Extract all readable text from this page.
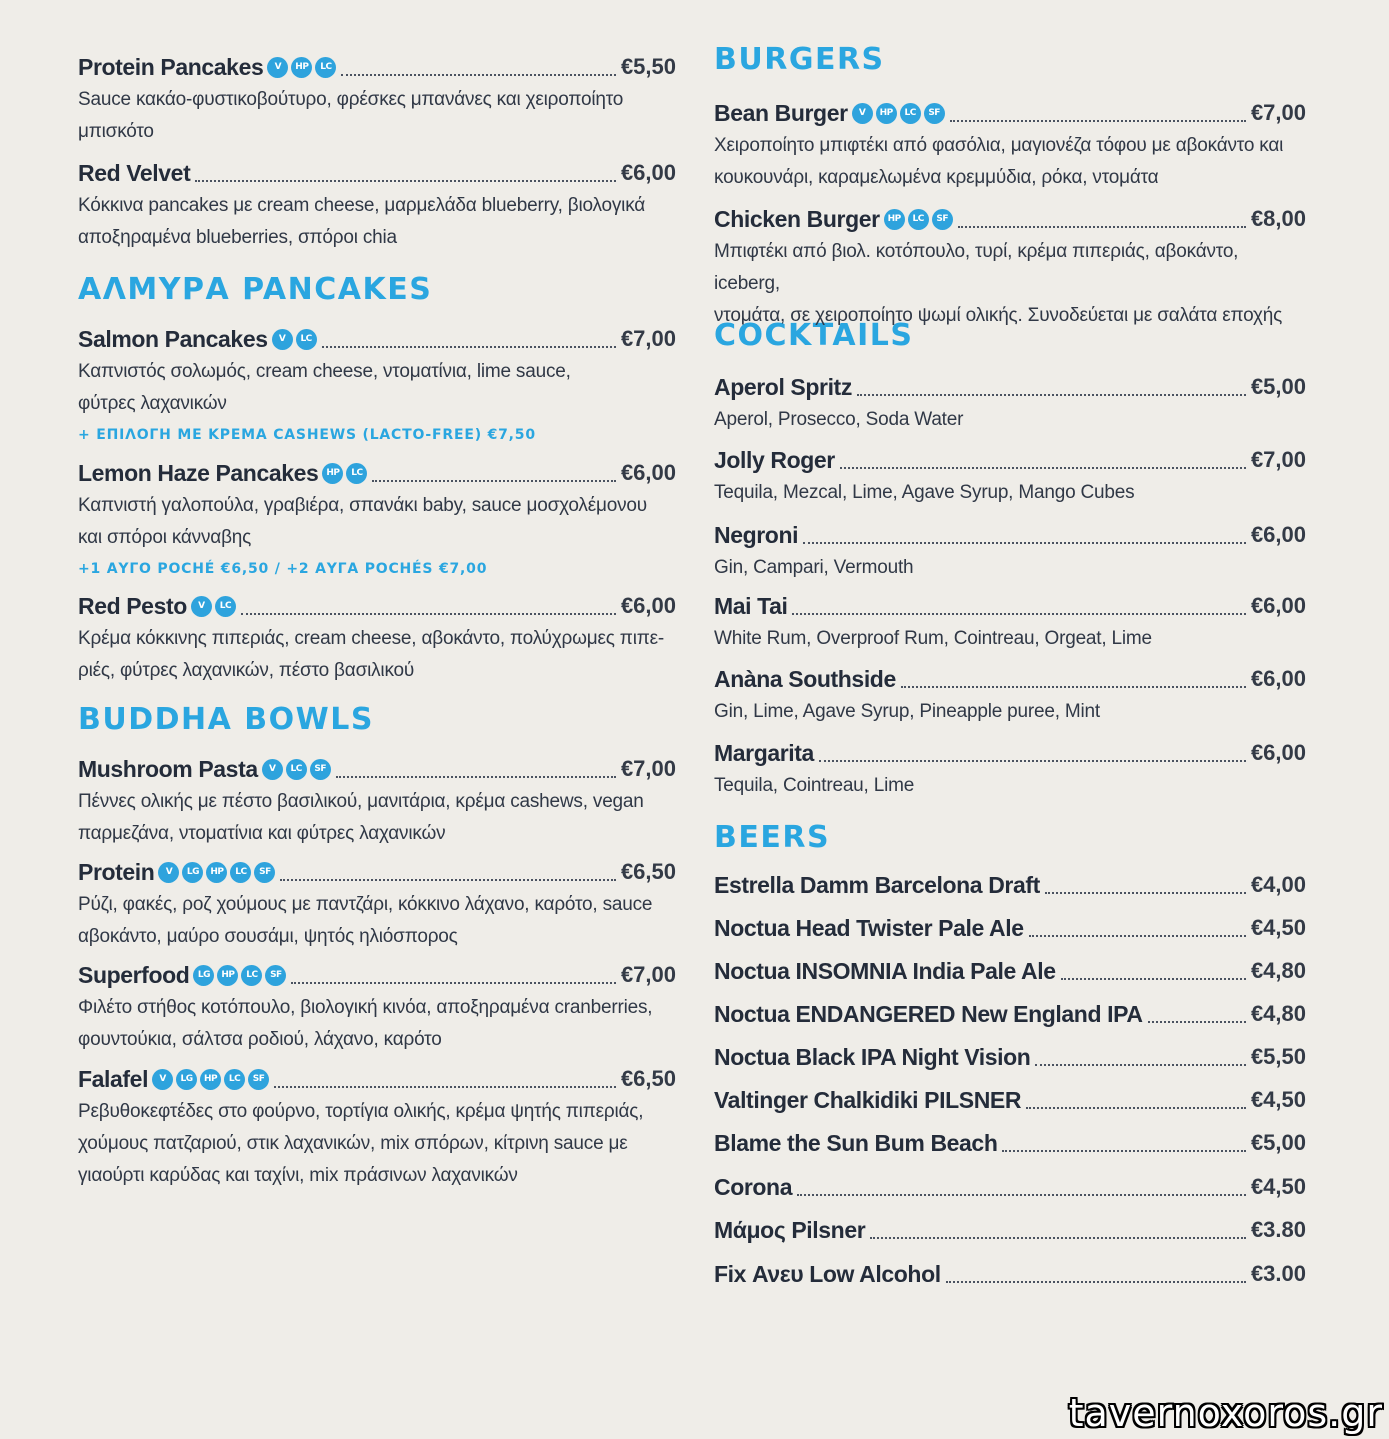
ΑΛΜΥΡΑ PANCAKES
BUDDHA BOWLS
Protein Pancakes	V	HP	LC	€5,50

Sauce κακάο-φυστικοβούτυρο, φρέσκες μπανάνες και χειροποίητο

μπισκότο

Red Velvet	€6,00

Κόκκινα pancakes με cream cheese, μαρμελάδα blueberry, βιολογικά

αποξηραμένα blueberries, σπόροι chia

Salmon Pancakes	V	LC	€7,00

Καπνιστός σολωμός, cream cheese, ντοματίνια, lime sauce,

φύτρες λαχανικών

+ ΕΠΙΛΟΓΗ ΜΕ ΚΡΕΜΑ CASHEWS (LACTO-FREE) €7,50

Lemon Haze Pancakes HP	LC	€6,00

Καπνιστή γαλοπούλα, γραβιέρα, σπανάκι baby, sauce μοσχολέμονου

και σπόροι κάνναβης

+1 ΑΥΓΟ POCHÉ €6,50 / +2 ΑΥΓΑ POCHÉS €7,00

Red Pesto	V	LC	€6,00

Κρέμα κόκκινης πιπεριάς, cream cheese, αβοκάντο, πολύχρωμες πιπε-

ριές, φύτρες λαχανικών, πέστο βασιλικού

Mushroom Pasta	V	LC	SF	€7,00

Πέννες ολικής με πέστο βασιλικού, μανιτάρια, κρέμα cashews, vegan

παρμεζάνα, ντοματίνια και φύτρες λαχανικών

Protein	V	LG	HP	LC	SF	€6,50

Ρύζι, φακές, ροζ χούμους με παντζάρι, κόκκινο λάχανο, καρότο, sauce

αβοκάντο, μαύρο σουσάμι, ψητός ηλιόσπορος

Superfood LG	HP	LC	SF	€7,00

Φιλέτο στήθος κοτόπουλο, βιολογική κινόα, αποξηραμένα cranberries,

φουντούκια, σάλτσα ροδιού, λάχανο, καρότο

Falafel	V	LG	HP	LC	SF	€6,50

Ρεβυθοκεφτέδες στο φούρνο, τορτίγια ολικής, κρέμα ψητής πιπεριάς,

χούμους πατζαριού, στικ λαχανικών, mix σπόρων, κίτρινη sauce με

γιαούρτι καρύδας και ταχίνι, mix πράσινων λαχανικών

BURGERS
COCKTAILS
BEERS
Bean Burger	V	HP	LC	SF	€7,00

Χειροποίητο μπιφτέκι από φασόλια, μαγιονέζα τόφου με αβοκάντο και

κουκουνάρι, καραμελωμένα κρεμμύδια, ρόκα, ντομάτα

Chicken Burger HP	LC	SF	€8,00

Μπιφτέκι από βιολ. κοτόπουλο, τυρί, κρέμα πιπεριάς, αβοκάντο, iceberg,

ντομάτα, σε χειροποίητο ψωμί ολικής. Συνοδεύεται με σαλάτα εποχής

Aperol Spritz	€5,00

Aperol, Prosecco, Soda Water

Jolly Roger	€7,00

Tequila, Mezcal, Lime, Agave Syrup, Mango Cubes

Negroni	€6,00

Gin, Campari, Vermouth

Mai Tai	€6,00

White Rum, Overproof Rum, Cointreau, Orgeat, Lime

Anàna Southside	€6,00

Gin, Lime, Agave Syrup, Pineapple puree, Mint

Margarita	€6,00

Tequila, Cointreau, Lime

Estrella Damm Barcelona Draft	€4,00
Noctua Head Twister Pale Ale	€4,50
Noctua INSOMNIA India Pale Ale	€4,80
Noctua ENDANGERED New England IPA	€4,80
Noctua Black IPA Night Vision	€5,50
Valtinger Chalkidiki PILSNER	€4,50
Blame the Sun Bum Beach	€5,00
Corona	€4,50
Μάμος Pilsner	€3.80
Fix Ανευ Low Alcohol	€3.00
tavernoxoros.gr
